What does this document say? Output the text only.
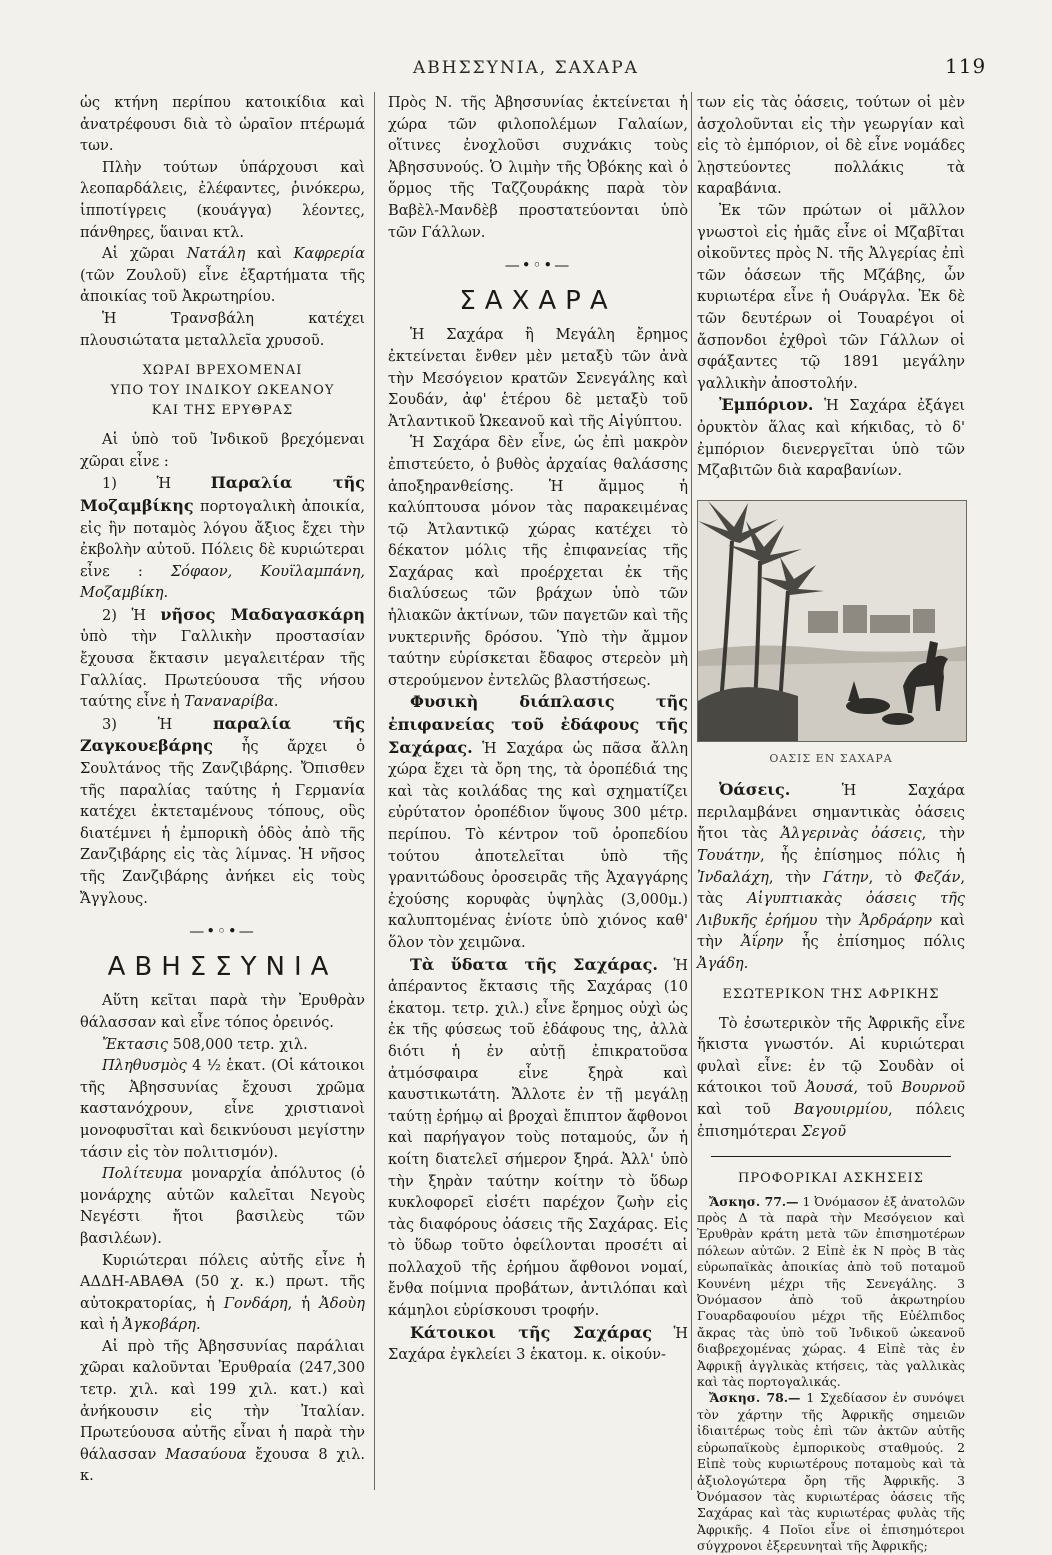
ΑΒΗΣΣΥΝΙΑ, ΣΑΧΑΡΑ	119

ὡς κτήνη περίπου κατοικίδια καὶ ἀνατρέφουσι διὰ τὸ ὡραῖον πτέρωμά των.

Πλὴν τούτων ὑπάρχουσι καὶ λεοπαρδάλεις, ἐλέφαντες, ῥινόκερω, ἱπποτίγρεις (κουάγγα) λέοντες, πάνθηρες, ὕαιναι κτλ.

Αἱ χῶραι Νατάλη καὶ Καφρερία (τῶν Ζουλοῦ) εἶνε ἐξαρτήματα τῆς ἀποικίας τοῦ Ἀκρωτηρίου.

Ἡ Τρανσβάλη κατέχει πλουσιώτατα μεταλλεῖα χρυσοῦ.

ΧΩΡΑΙ ΒΡΕΧΟΜΕΝΑΙ
ΥΠΟ ΤΟΥ ΙΝΔΙΚΟΥ ΩΚΕΑΝΟΥ
ΚΑΙ ΤΗΣ ΕΡΥΘΡΑΣ

Αἱ ὑπὸ τοῦ Ἰνδικοῦ βρεχόμεναι χῶραι εἶνε :

1) Ἡ Παραλία τῆς Μοζαμβίκης πορτογαλικὴ ἀποικία, εἰς ἣν ποταμὸς λόγου ἄξιος ἔχει τὴν ἐκβολὴν αὐτοῦ. Πόλεις δὲ κυριώτεραι εἶνε : Σόφαον, Κουϊλαμπάνη, Μοζαμβίκη.

2) Ἡ νῆσος Μαδαγασκάρη ὑπὸ τὴν Γαλλικὴν προστασίαν ἔχουσα ἔκτασιν μεγαλειτέραν τῆς Γαλλίας. Πρωτεύουσα τῆς νήσου ταύτης εἶνε ἡ Ταναναρίβα.

3) Ἡ παραλία τῆς Ζαγκουεβάρης ἧς ἄρχει ὁ Σουλτάνος τῆς Ζανζιβάρης. Ὄπισθεν τῆς παραλίας ταύτης ἡ Γερμανία κατέχει ἐκτεταμένους τόπους, οὓς διατέμνει ἡ ἐμπορικὴ ὁδὸς ἀπὸ τῆς Ζανζιβάρης εἰς τὰς λίμνας. Ἡ νῆσος τῆς Ζανζιβάρης ἀνήκει εἰς τοὺς Ἄγγλους.

—•◦•—
ΑΒΗΣΣΥΝΙΑ

Αὕτη κεῖται παρὰ τὴν Ἐρυθρὰν θάλασσαν καὶ εἶνε τόπος ὀρεινός.

Ἔκτασις 508,000 τετρ. χιλ.

Πληθυσμὸς 4 ½ ἑκατ. (Οἱ κάτοικοι τῆς Ἀβησσυνίας ἔχουσι χρῶμα καστανόχρουν, εἶνε χριστιανοὶ μονοφυσῖται καὶ δεικνύουσι μεγίστην τάσιν εἰς τὸν πολιτισμόν).

Πολίτευμα μοναρχία ἀπόλυτος (ὁ μονάρχης αὐτῶν καλεῖται Νεγοὺς Νεγέστι ἤτοι βασιλεὺς τῶν βασιλέων).

Κυριώτεραι πόλεις αὐτῆς εἶνε ἡ ΑΔΔΗ-ΑΒΑΘΑ (50 χ. κ.) πρωτ. τῆς αὐτοκρατορίας, ἡ Γονδάρη, ἡ Ἀδοὺη καὶ ἡ Ἀγκοβάρη.

Αἱ πρὸ τῆς Ἀβησσυνίας παράλιαι χῶραι καλοῦνται Ἐρυθραία (247,300 τετρ. χιλ. καὶ 199 χιλ. κατ.) καὶ ἀνήκουσιν εἰς τὴν Ἰταλίαν. Πρωτεύουσα αὐτῆς εἶναι ἡ παρὰ τὴν θάλασσαν Μασαύουα ἔχουσα 8 χιλ. κ.

Πρὸς Ν. τῆς Ἀβησσυνίας ἐκτείνεται ἡ χώρα τῶν φιλοπολέμων Γαλαίων, οἵτινες ἐνοχλοῦσι συχνάκις τοὺς Ἀβησσυνούς. Ὁ λιμὴν τῆς Ὀβόκης καὶ ὁ ὅρμος τῆς Ταζζουράκης παρὰ τὸν Βαβὲλ-Μανδὲβ προστατεύονται ὑπὸ τῶν Γάλλων.

—•◦•—
ΣΑΧΑΡΑ

Ἡ Σαχάρα ἢ Μεγάλη ἔρημος ἐκτείνεται ἔνθεν μὲν μεταξὺ τῶν ἀνὰ τὴν Μεσόγειον κρατῶν Σενεγάλης καὶ Σουδάν, ἀφ' ἑτέρου δὲ μεταξὺ τοῦ Ἀτλαντικοῦ Ὠκεανοῦ καὶ τῆς Αἰγύπτου.

Ἡ Σαχάρα δὲν εἶνε, ὡς ἐπὶ μακρὸν ἐπιστεύετο, ὁ βυθὸς ἀρχαίας θαλάσσης ἀποξηρανθείσης. Ἡ ἄμμος ἡ καλύπτουσα μόνον τὰς παρακειμένας τῷ Ἀτλαντικῷ χώρας κατέχει τὸ δέκατον μόλις τῆς ἐπιφανείας τῆς Σαχάρας καὶ προέρχεται ἐκ τῆς διαλύσεως τῶν βράχων ὑπὸ τῶν ἡλιακῶν ἀκτίνων, τῶν παγετῶν καὶ τῆς νυκτερινῆς δρόσου. Ὑπὸ τὴν ἄμμον ταύτην εὑρίσκεται ἔδαφος στερεὸν μὴ στερούμενον ἐντελῶς βλαστήσεως.

Φυσικὴ διάπλασις τῆς ἐπιφανείας τοῦ ἐδάφους τῆς Σαχάρας. Ἡ Σαχάρα ὡς πᾶσα ἄλλη χώρα ἔχει τὰ ὄρη της, τὰ ὀροπέδιά της καὶ τὰς κοιλάδας της καὶ σχηματίζει εὐρύτατον ὀροπέδιον ὕψους 300 μέτρ. περίπου. Τὸ κέντρον τοῦ ὀροπεδίου τούτου ἀποτελεῖται ὑπὸ τῆς γρανιτώδους ὀροσειρᾶς τῆς Ἀχαγγάρης ἐχούσης κορυφὰς ὑψηλὰς (3,000μ.) καλυπτομένας ἐνίοτε ὑπὸ χιόνος καθ' ὅλον τὸν χειμῶνα.

Τὰ ὕδατα τῆς Σαχάρας. Ἡ ἀπέραντος ἔκτασις τῆς Σαχάρας (10 ἑκατομ. τετρ. χιλ.) εἶνε ἔρημος οὐχὶ ὡς ἐκ τῆς φύσεως τοῦ ἐδάφους της, ἀλλὰ διότι ἡ ἐν αὐτῇ ἐπικρατοῦσα ἀτμόσφαιρα εἶνε ξηρὰ καὶ καυστικωτάτη. Ἄλλοτε ἐν τῇ μεγάλῃ ταύτῃ ἐρήμῳ αἱ βροχαὶ ἔπιπτον ἄφθονοι καὶ παρήγαγον τοὺς ποταμούς, ὧν ἡ κοίτη διατελεῖ σήμερον ξηρά. Ἀλλ' ὑπὸ τὴν ξηρὰν ταύτην κοίτην τὸ ὕδωρ κυκλοφορεῖ εἰσέτι παρέχον ζωὴν εἰς τὰς διαφόρους ὀάσεις τῆς Σαχάρας. Εἰς τὸ ὕδωρ τοῦτο ὀφείλονται προσέτι αἱ πολλαχοῦ τῆς ἐρήμου ἄφθονοι νομαί, ἔνθα ποίμνια προβάτων, ἀντιλόπαι καὶ κάμηλοι εὑρίσκουσι τροφήν.

Κάτοικοι τῆς Σαχάρας Ἡ Σαχάρα ἐγκλείει 3 ἑκατομ. κ. οἰκούν-

των εἰς τὰς ὀάσεις, τούτων οἱ μὲν ἀσχολοῦνται εἰς τὴν γεωργίαν καὶ εἰς τὸ ἐμπόριον, οἱ δὲ εἶνε νομάδες λῃστεύοντες πολλάκις τὰ καραβάνια.

Ἐκ τῶν πρώτων οἱ μᾶλλον γνωστοὶ εἰς ἡμᾶς εἶνε οἱ Μζαβῖται οἰκοῦντες πρὸς Ν. τῆς Ἀλγερίας ἐπὶ τῶν ὀάσεων τῆς Μζάβης, ὧν κυριωτέρα εἶνε ἡ Ουάργλα. Ἐκ δὲ τῶν δευτέρων οἱ Τουαρέγοι οἱ ἄσπονδοι ἐχθροὶ τῶν Γάλλων οἱ σφάξαντες τῷ 1891 μεγάλην γαλλικὴν ἀποστολήν.

Ἐμπόριον. Ἡ Σαχάρα ἐξάγει ὀρυκτὸν ἅλας καὶ κήκιδας, τὸ δ' ἐμπόριον διενεργεῖται ὑπὸ τῶν Μζαβιτῶν διὰ καραβανίων.

ΟΑΣΙΣ ΕΝ ΣΑΧΑΡΑ

Ὀάσεις. Ἡ Σαχάρα περιλαμβάνει σημαντικὰς ὀάσεις ἤτοι τὰς Ἀλγερινὰς ὀάσεις, τὴν Τουάτην, ἧς ἐπίσημος πόλις ἡ Ἰνδαλάχη, τὴν Γάτην, τὸ Φεζάν, τὰς Αἰγυπτιακὰς ὀάσεις τῆς Λιβυκῆς ἐρήμου τὴν Ἀρδράρην καὶ τὴν Ἀΐρην ἧς ἐπίσημος πόλις Ἀγάδη.

ΕΣΩΤΕΡΙΚΟΝ ΤΗΣ ΑΦΡΙΚΗΣ

Τὸ ἐσωτερικὸν τῆς Ἀφρικῆς εἶνε ἥκιστα γνωστόν. Αἱ κυριώτεραι φυλαὶ εἶνε: ἐν τῷ Σουδὰν οἱ κάτοικοι τοῦ Ἀουσά, τοῦ Βουρνοῦ καὶ τοῦ Βαγουιρμίου, πόλεις ἐπισημότεραι Σεγοῦ

ΠΡΟΦΟΡΙΚΑΙ ΑΣΚΗΣΕΙΣ

Ἄσκησ. 77.— 1 Ὀνόμασον ἐξ ἀνατολῶν πρὸς Δ τὰ παρὰ τὴν Μεσόγειον καὶ Ἐρυθρὰν κράτη μετὰ τῶν ἐπισημοτέρων πόλεων αὐτῶν. 2 Εἰπὲ ἐκ Ν πρὸς Β τὰς εὐρωπαϊκὰς ἀποικίας ἀπὸ τοῦ ποταμοῦ Κουνένη μέχρι τῆς Σενεγάλης. 3 Ὀνόμασον ἀπὸ τοῦ ἀκρωτηρίου Γουαρδαφουίου μέχρι τῆς Εὐέλπιδος ἄκρας τὰς ὑπὸ τοῦ Ἰνδικοῦ ὠκεανοῦ διαβρεχομένας χώρας. 4 Εἰπὲ τὰς ἐν Ἀφρικῇ ἀγγλικὰς κτήσεις, τὰς γαλλικὰς καὶ τὰς πορτογαλικάς.

Ἄσκησ. 78.— 1 Σχεδίασον ἐν συνόψει τὸν χάρτην τῆς Ἀφρικῆς σημειῶν ἰδιαιτέρως τοὺς ἐπὶ τῶν ἀκτῶν αὐτῆς εὐρωπαϊκοὺς ἐμπορικοὺς σταθμούς. 2 Εἰπὲ τοὺς κυριωτέρους ποταμοὺς καὶ τὰ ἀξιολογώτερα ὄρη τῆς Ἀφρικῆς. 3 Ὀνόμασον τὰς κυριωτέρας ὀάσεις τῆς Σαχάρας καὶ τὰς κυριωτέρας φυλὰς τῆς Ἀφρικῆς. 4 Ποῖοι εἶνε οἱ ἐπισημότεροι σύγχρονοι ἐξερευνηταὶ τῆς Ἀφρικῆς;
